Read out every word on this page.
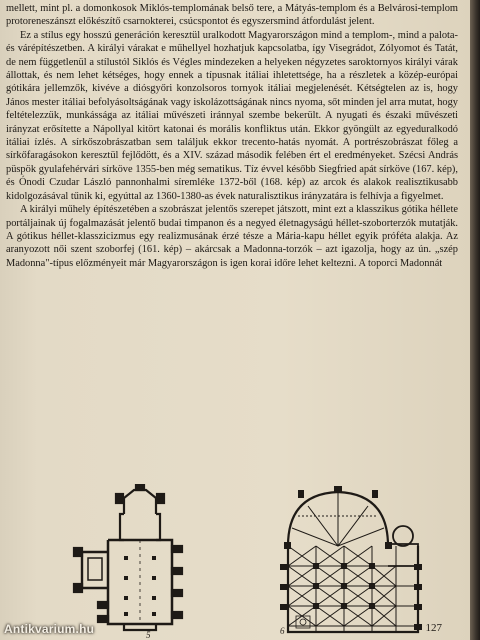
mellett, mint pl. a domonkosok Miklós-templomának belső tere, a Mátyás-templom és a Belvárosi-templom protoreneszánszt előkészítő csarnokterei, csúcspontot és egyszersmind átfordulást jelent.

Ez a stílus egy hosszú generáción keresztül uralkodott Magyarországon mind a templom-, mind a palota- és várépítészetben. A királyi várakat e műhellyel hozhatjuk kapcsolatba, így Visegrádot, Zólyomot és Tatát, de nem függetlenül a stílustól Siklós és Végles mindezeken a helyeken négyzetes saroktornyos királyi várak állottak, és nem lehet kétséges, hogy ennek a típusnak itáliai ihletettsége, ha a részletek a közép-európai gótikára jellemzők, kivéve a diósgyőri konzolsoros tornyok itáliai megjelenését. Kétségtelen az is, hogy János mester itáliai befolyásoltságának vagy iskolázottságának nincs nyoma, sőt minden jel arra mutat, hogy feltételezzük, munkássága az itáliai művészeti iránnyal szembe bekerült. A nyugati és északi művészeti irányzat erősítette a Nápollyal kitört katonai és morális konfliktus után. Ekkor gyöngült az egyeduralkodó itáliai ízlés. A sírkőszobrászatban sem találjuk ekkor trecento-hatás nyomát. A portrészobrászat főleg a sírkőfaragásokon keresztül fejlődött, és a XIV. század második felében ért el eredményeket. Szécsi András püspök gyulafehérvári sírköve 1355-ben még sematikus. Tíz évvel később Siegfried apát sírköve (167. kép), és Ónodi Czudar László pannonhalmi síremléke 1372-ből (168. kép) az arcok és alakok realisztikusabb kidolgozásával tűnik ki, egyúttal az 1360-1380-as évek naturalisztikus irányzatára is felhívja a figyelmet.

A királyi műhely építészetében a szobrászat jelentős szerepet játszott, mint ezt a klasszikus gótika héllete portáljainak új fogalmazását jelentő budai timpanon és a negyed életnagyságú héllet-szoborterzók mutatják. A gótikus héllet-klasszicizmus egy realizmusának érzé tésze a Mária-kapu héllet egyik próféta alakja. Az aranyozott női szent szoborfej (161. kép) – akárcsak a Madonna-torzók – azt igazolja, hogy az ún. „szép Madonna"-típus előzményeit már Magyarországon is igen korai időre lehet keltezni. A toporci Madonnát

5	6	127
Antikvarium.hu
